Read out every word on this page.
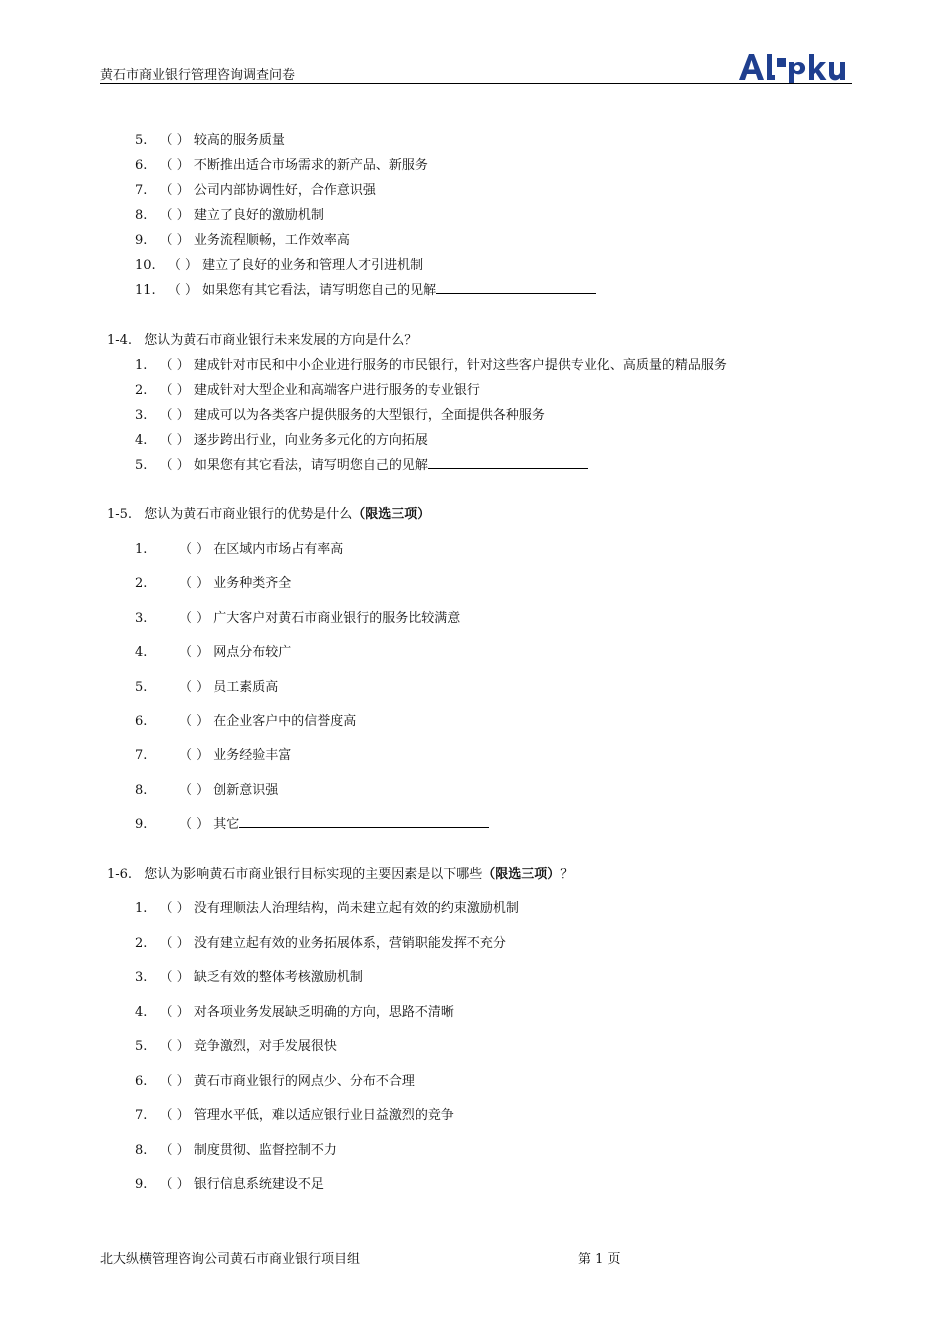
黄石市商业银行管理咨询调查问卷
5. （ ） 较高的服务质量
6. （ ） 不断推出适合市场需求的新产品、新服务
7. （ ） 公司内部协调性好，合作意识强
8. （ ） 建立了良好的激励机制
9. （ ） 业务流程顺畅，工作效率高
10. （ ） 建立了良好的业务和管理人才引进机制
11. （ ） 如果您有其它看法，请写明您自己的见解
1-4. 您认为黄石市商业银行未来发展的方向是什么？
1. （ ） 建成针对市民和中小企业进行服务的市民银行，针对这些客户提供专业化、高质量的精品服务
2. （ ） 建成针对大型企业和高端客户进行服务的专业银行
3. （ ） 建成可以为各类客户提供服务的大型银行，全面提供各种服务
4. （ ） 逐步跨出行业，向业务多元化的方向拓展
5. （ ） 如果您有其它看法，请写明您自己的见解
1-5. 您认为黄石市商业银行的优势是什么（限选三项）
1. （ ） 在区域内市场占有率高
2. （ ） 业务种类齐全
3. （ ） 广大客户对黄石市商业银行的服务比较满意
4. （ ） 网点分布较广
5. （ ） 员工素质高
6. （ ） 在企业客户中的信誉度高
7. （ ） 业务经验丰富
8. （ ） 创新意识强
9. （ ） 其它
1-6. 您认为影响黄石市商业银行目标实现的主要因素是以下哪些（限选三项）？
1. （ ） 没有理顺法人治理结构，尚未建立起有效的约束激励机制
2. （ ） 没有建立起有效的业务拓展体系，营销职能发挥不充分
3. （ ） 缺乏有效的整体考核激励机制
4. （ ） 对各项业务发展缺乏明确的方向，思路不清晰
5. （ ） 竞争激烈，对手发展很快
6. （ ） 黄石市商业银行的网点少、分布不合理
7. （ ） 管理水平低，难以适应银行业日益激烈的竞争
8. （ ） 制度贯彻、监督控制不力
9. （ ） 银行信息系统建设不足
北大纵横管理咨询公司黄石市商业银行项目组	第 1 页
